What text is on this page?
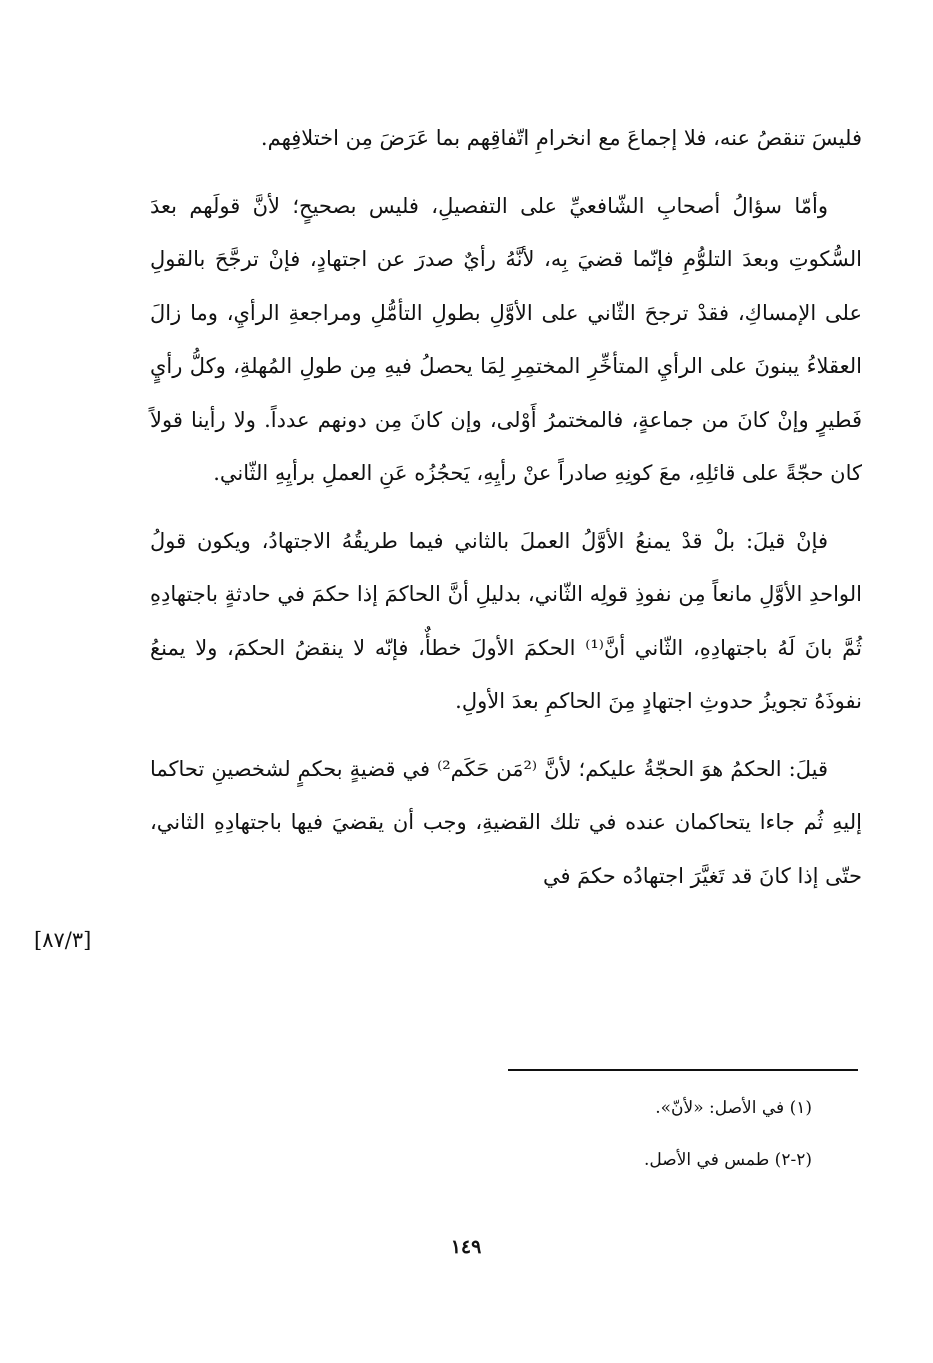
فليسَ تنقصُ عنه، فلا إجماعَ مع انخرامِ اتّفاقِهم بما عَرَضَ مِن اختلافِهم.

وأمّا سؤالُ أصحابِ الشّافعيِّ على التفصيلِ، فليس بصحيحٍ؛ لأنَّ قولَهم بعدَ السُّكوتِ وبعدَ التلوُّمِ فإنّما قضيَ بِه، لأنَّهُ رأيٌ صدرَ عن اجتهادٍ، فإنْ ترجَّحَ بالقولِ على الإمساكِ، فقدْ ترجحَ الثّاني على الأوَّلِ بطولِ التأمُّلِ ومراجعةِ الرأيِ، وما زالَ العقلاءُ يبنونَ على الرأيِ المتأخِّرِ المختمِرِ لِمَا يحصلُ فيهِ مِن طولِ المُهلةِ، وكلُّ رأيٍ فَطيرٍ وإنْ كانَ من جماعةٍ، فالمختمرُ أَوْلى، وإن كانَ مِن دونهم عدداً. ولا رأينا قولاً كان حجّةً على قائلِهِ، معَ كونِهِ صادراً عنْ رأيِهِ، يَحجُزُه عَنِ العملِ برأيِهِ الثّاني.

فإنْ قيلَ: بلْ قدْ يمنعُ الأوَّلُ العملَ بالثاني فيما طريقُهُ الاجتهادُ، ويكون قولُ الواحدِ الأوَّلِ مانعاً مِن نفوذِ قولِه الثّاني، بدليلِ أنَّ الحاكمَ إذا حكمَ في حادثةٍ باجتهادِهِ ثُمَّ بانَ لَهُ باجتهادِهِ، الثّاني أنَّ⁽¹⁾ الحكمَ الأولَ خطأٌ، فإنّه لا ينقضُ الحكمَ، ولا يمنعُ نفوذَهُ تجويزُ حدوثِ اجتهادٍ مِنَ الحاكمِ بعدَ الأولِ.

قيلَ: الحكمُ هوَ الحجّةُ عليكم؛ لأنَّ ⁽²مَن حَكَم²⁾ في قضيةٍ بحكمٍ لشخصينِ تحاكما إليهِ ثُم جاءا يتحاكمان عنده في تلك القضيةِ، وجب أن يقضيَ فيها باجتهادِهِ الثاني، حتّى إذا كانَ قد تَغيَّرَ اجتهادُه حكمَ في

[٨٧/٣]
(١) في الأصل: «لأنّ».
(٢-٢) طمس في الأصل.
١٤٩
